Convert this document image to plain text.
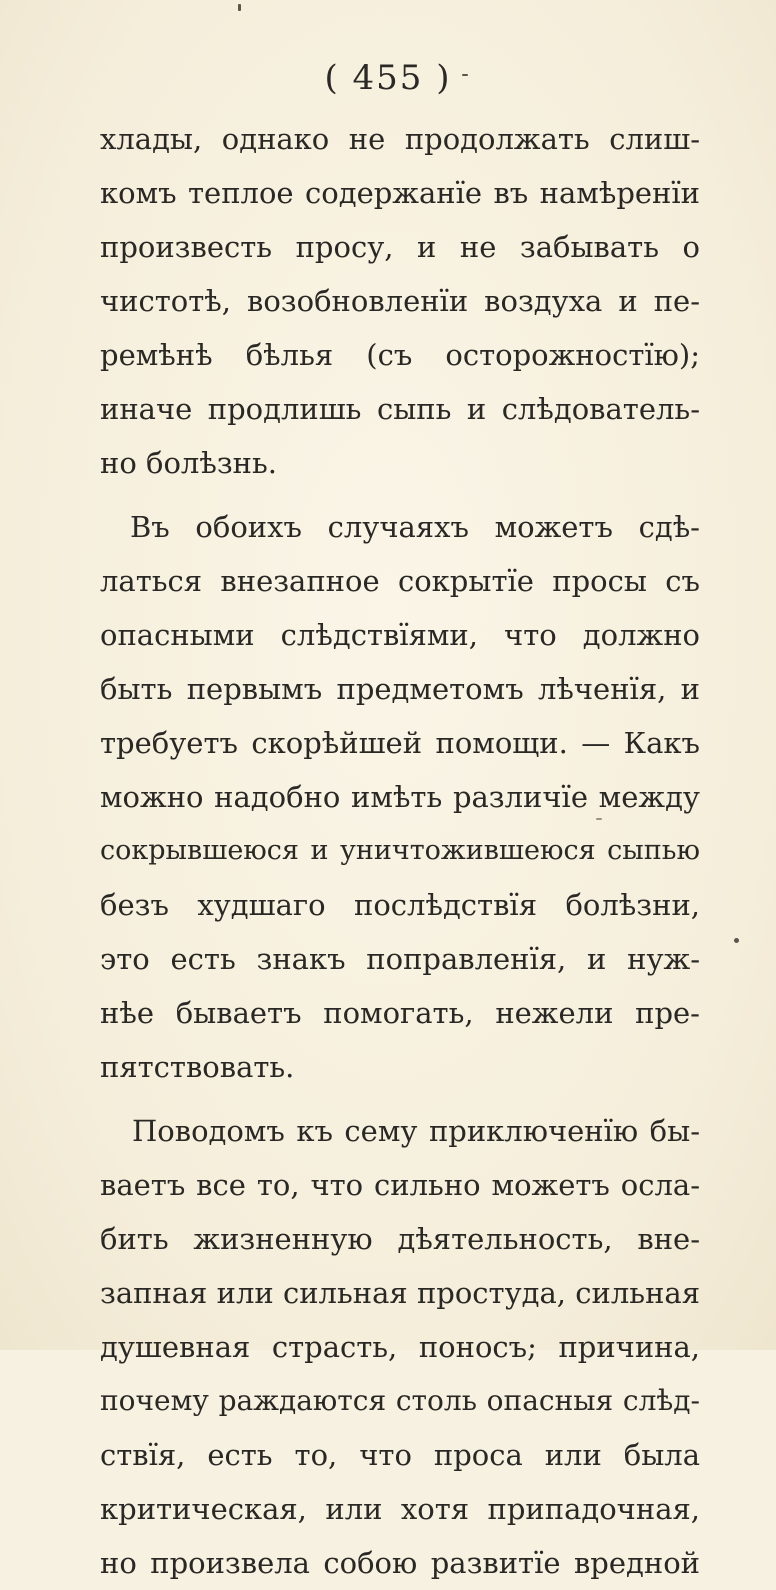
( 455 )
хлады, однако не продолжать слиш-
комъ теплое содержанїе въ намѣренїи
произвесть просу, и не забывать о
чистотѣ, возобновленїи воздуха и пе-
ремѣнѣ бѣлья (съ осторожностїю);
иначе продлишь сыпь и слѣдователь-
но болѣзнь.
Въ обоихъ случаяхъ можетъ сдѣ-
латься внезапное сокрытїе просы съ
опасными слѣдствїями, что должно
быть первымъ предметомъ лѣченїя, и
требуетъ скорѣйшей помощи. — Какъ
можно надобно имѣть различїе между
сокрывшеюся и уничтожившеюся сыпью
безъ худшаго послѣдствїя болѣзни,
это есть знакъ поправленїя, и нуж-
нѣе бываетъ помогать, нежели пре-
пятствовать.
Поводомъ къ сему приключенїю бы-
ваетъ все то, что сильно можетъ осла-
бить жизненную дѣятельность, вне-
запная или сильная простуда, сильная
душевная страсть, поносъ; причина,
почему раждаются столь опасныя слѣд-
ствїя, есть то, что проса или была
критическая, или хотя припадочная,
но произвела собою развитїе вредной
